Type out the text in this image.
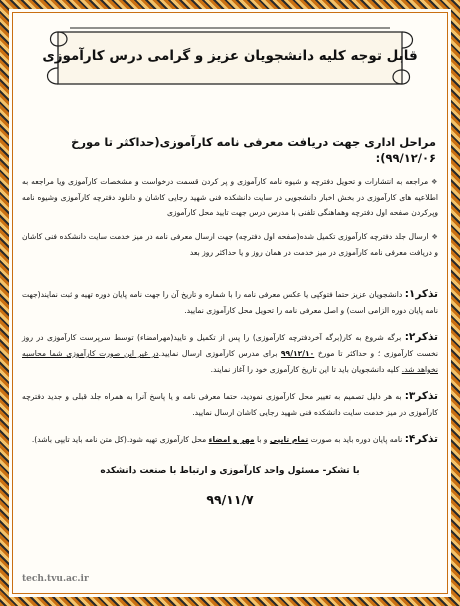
قابل توجه کلیه دانشجویان عزیز و گرامی درس کارآموزی
مراحل اداری جهت دریافت معرفی نامه کارآموزی(حداکثر تا مورخ ۹۹/۱۲/۰۶):
❖مراجعه به انتشارات و تحویل دفترچه و شیوه نامه کارآموزی و پر کردن قسمت درخواست و مشخصات کارآموزی ویا مراجعه به اطلاعیه های کارآموزی در بخش اخبار دانشجویی در سایت دانشکده فنی شهید رجایی کاشان و دانلود دفترچه کارآموزی وشیوه نامه وپرکردن صفحه اول دفترچه وهماهنگی تلفنی با مدرس درس جهت تایید محل کارآموزی
❖ارسال جلد دفترچه کارآموزی تکمیل شده(صفحه اول دفترچه) جهت ارسال معرفی نامه در میز خدمت سایت دانشکده فنی کاشان و دریافت معرفی نامه کارآموزی در میز خدمت در همان روز و یا حداکثر روز بعد
تذکر۱: دانشجویان عزیز حتما فتوکپی یا عکس معرفی نامه را با شماره و تاریخ آن را جهت نامه پایان دوره تهیه و ثبت نمایند(جهت نامه پایان دوره الزامی است) و اصل معرفی نامه را تحویل محل کارآموزی نمایید.
تذکر۲: برگه شروع به کار(برگه آخردفترچه کارآموزی) را پس از تکمیل و تایید(مهرامضاء) توسط سرپرست کارآموزی در روز نخست کارآموزی ؛ و حداکثر تا مورخ ۹۹/۱۲/۱۰ برای مدرس کارآموزی ارسال نمایید.در غیر این صورت کارآموزی شما محاسبه نخواهد شد. کلیه دانشجویان باید تا این تاریخ کارآموزی خود را آغاز نمایند.
تذکر۳: به هر دلیل تصمیم به تغییر محل کارآموزی نمودید، حتما معرفی نامه و یا پاسخ آنرا به همراه جلد قبلی و جدید دفترچه کارآموزی در میز خدمت سایت دانشکده فنی شهید رجایی کاشان ارسال نمایید.
تذکر۴: نامه پایان دوره باید به صورت تمام تایپی و با مهر و امضاء محل کارآموزی تهیه شود.(کل متن نامه باید تایپی باشد).
با تشکر- مسئول واحد کارآموزی و ارتباط با صنعت دانشکده
۹۹/۱۱/۷
tech.tvu.ac.ir
